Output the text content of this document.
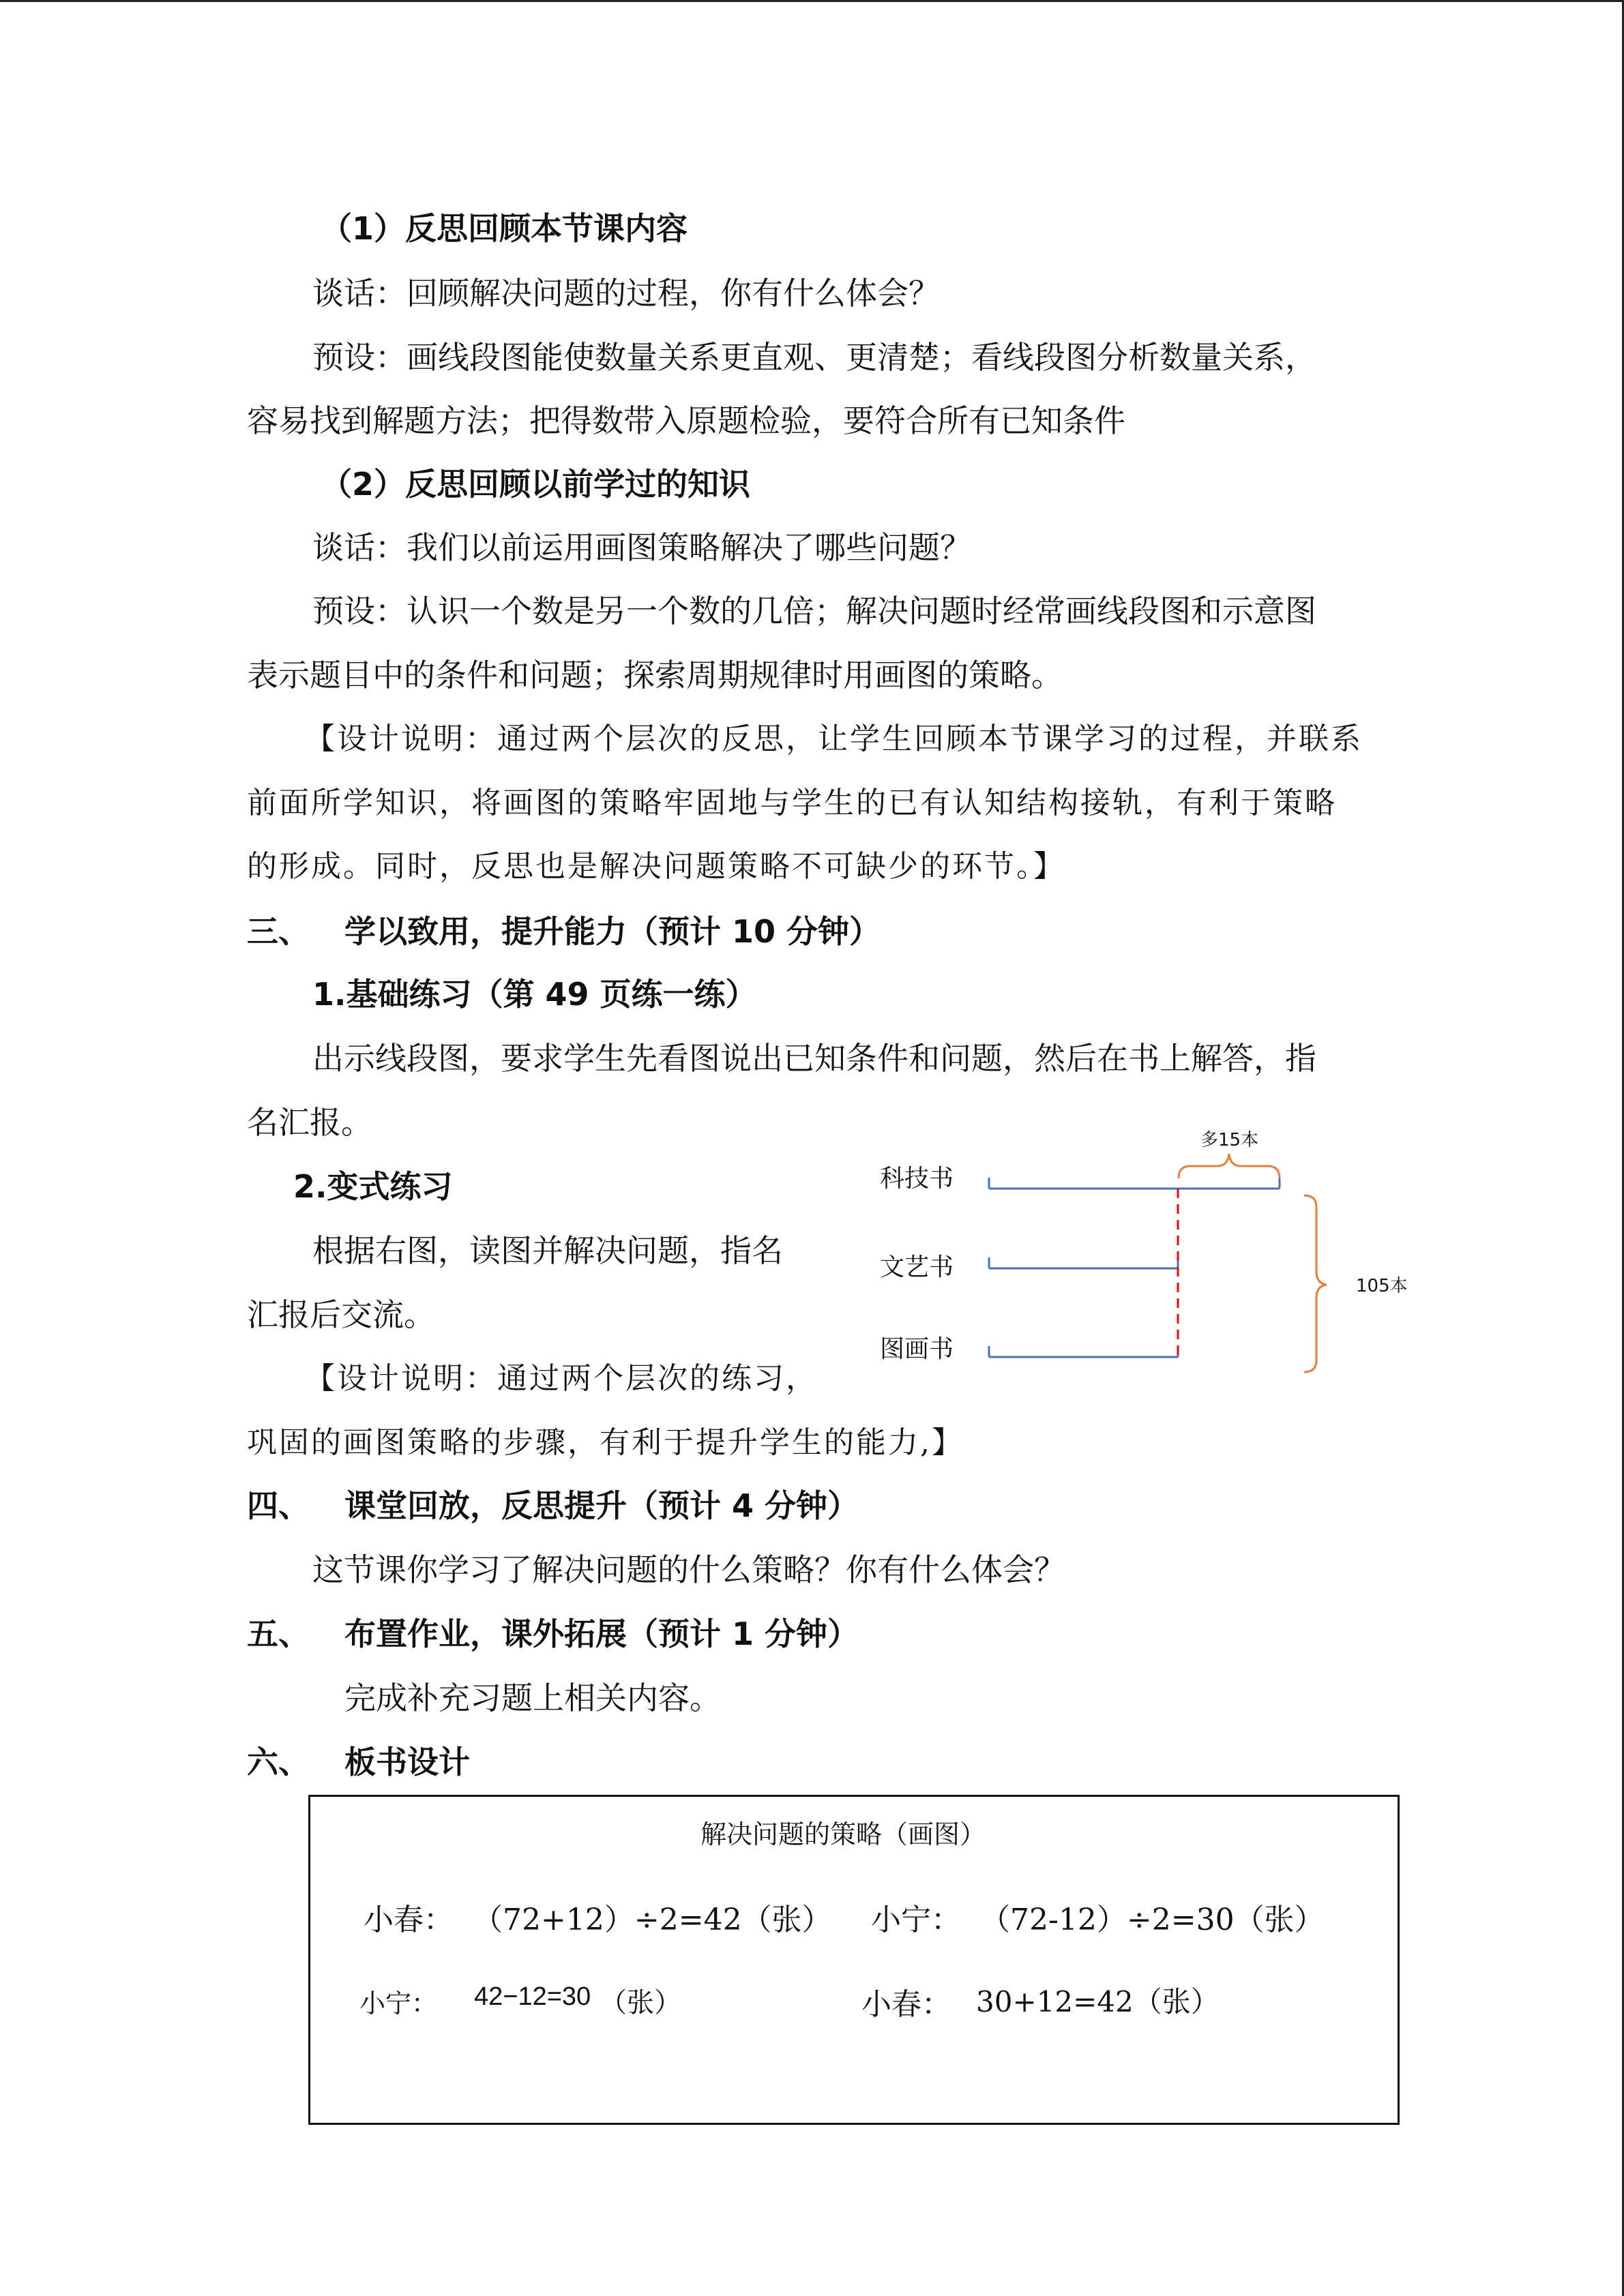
（1）反思回顾本节课内容
谈话：回顾解决问题的过程，你有什么体会？
预设：画线段图能使数量关系更直观、更清楚；看线段图分析数量关系，
容易找到解题方法；把得数带入原题检验，要符合所有已知条件
（2）反思回顾以前学过的知识
谈话：我们以前运用画图策略解决了哪些问题？
预设：认识一个数是另一个数的几倍；解决问题时经常画线段图和示意图
表示题目中的条件和问题；探索周期规律时用画图的策略。
【设计说明：通过两个层次的反思，让学生回顾本节课学习的过程，并联系
前面所学知识，将画图的策略牢固地与学生的已有认知结构接轨，有利于策略
的形成。同时，反思也是解决问题策略不可缺少的环节。】
三、 学以致用，提升能力（预计 10 分钟）
1.基础练习（第 49 页练一练）
出示线段图，要求学生先看图说出已知条件和问题，然后在书上解答，指
名汇报。
2.变式练习
根据右图，读图并解决问题，指名
汇报后交流。
【设计说明：通过两个层次的练习，
巩固的画图策略的步骤，有利于提升学生的能力,】
科技书
文艺书
图画书
多15本
105本
四、 课堂回放，反思提升（预计 4 分钟）
这节课你学习了解决问题的什么策略？你有什么体会？
五、 布置作业，课外拓展（预计 1 分钟）
完成补充习题上相关内容。
六、 板书设计
解决问题的策略（画图）
小春： （72+12）÷2=42（张） 小宁： （72-12）÷2=30（张）
小宁： 42−12=30 （张）	小春： 30+12=42（张）
